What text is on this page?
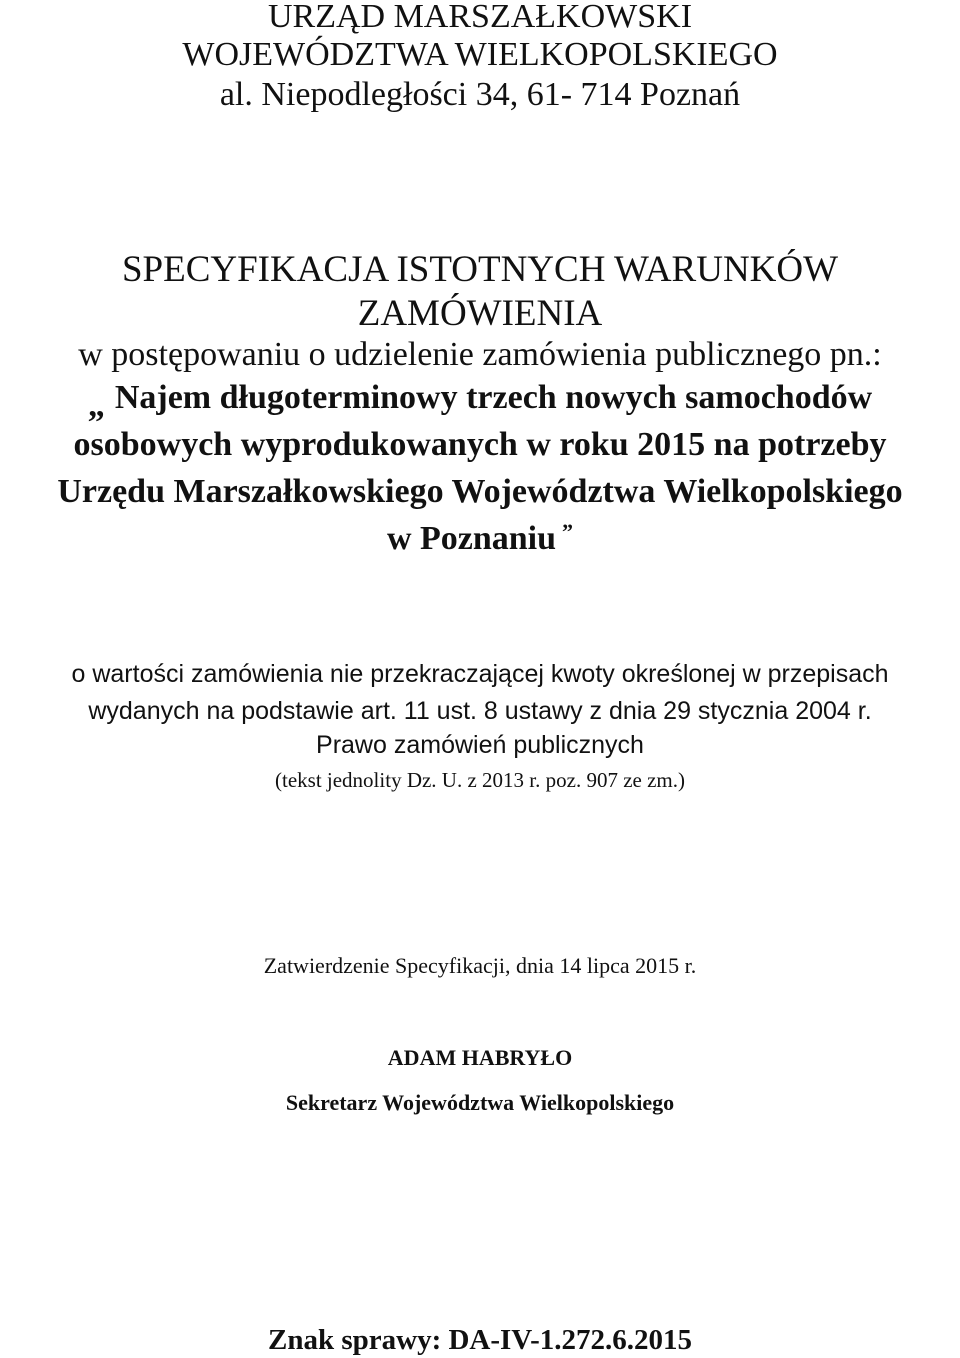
URZĄD MARSZAŁKOWSKI
WOJEWÓDZTWA WIELKOPOLSKIEGO
al. Niepodległości 34, 61- 714 Poznań
SPECYFIKACJA ISTOTNYCH WARUNKÓW
ZAMÓWIENIA
w postępowaniu o udzielenie zamówienia publicznego pn.:
„ Najem długoterminowy trzech nowych samochodów
osobowych wyprodukowanych w roku 2015 na potrzeby
Urzędu Marszałkowskiego Województwa Wielkopolskiego
w Poznaniu ”
o wartości zamówienia nie przekraczającej kwoty określonej w przepisach
wydanych na podstawie art. 11 ust. 8 ustawy z dnia 29 stycznia 2004 r.
Prawo zamówień publicznych
(tekst jednolity Dz. U. z 2013 r. poz. 907 ze zm.)
Zatwierdzenie Specyfikacji, dnia 14 lipca 2015 r.
ADAM HABRYŁO
Sekretarz Województwa Wielkopolskiego
Znak sprawy: DA-IV-1.272.6.2015
